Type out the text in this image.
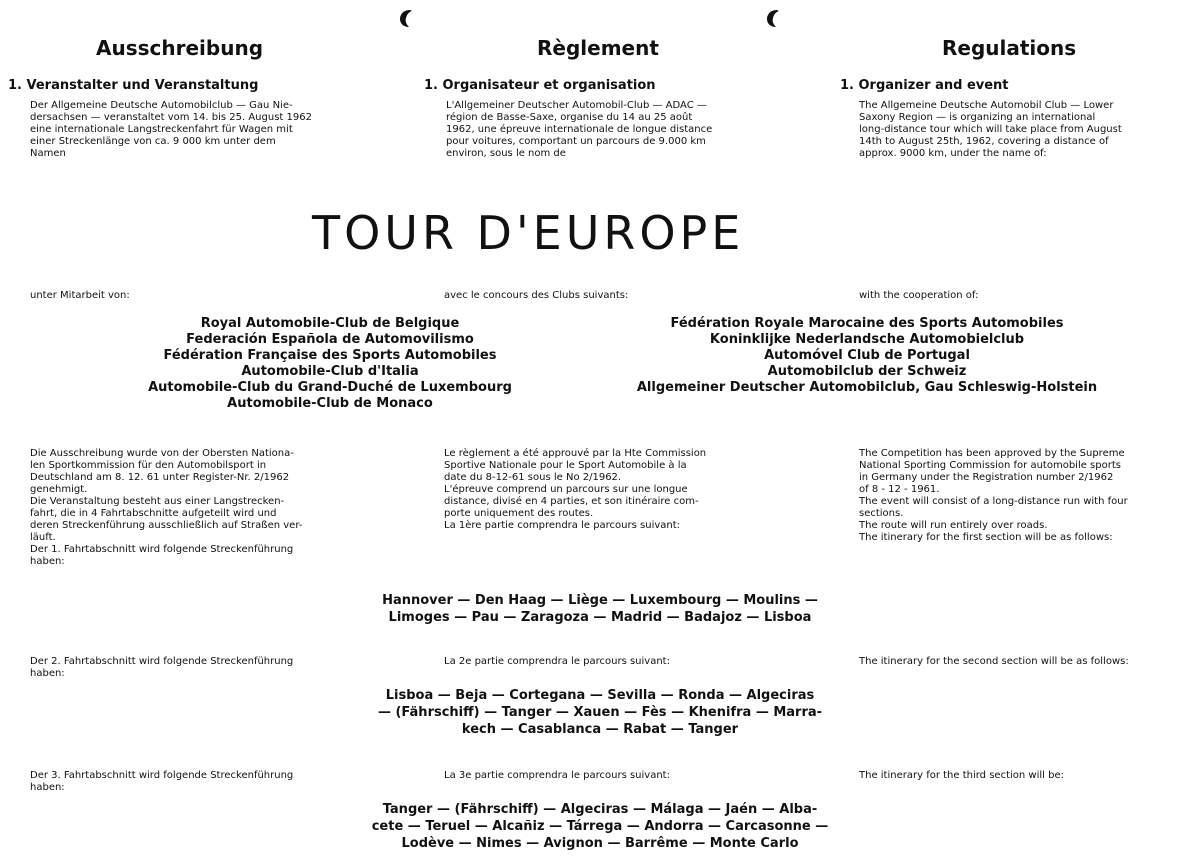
Ausschreibung	Règlement	Regulations
1. Veranstalter und Veranstaltung	1. Organisateur et organisation	1. Organizer and event
Der Allgemeine Deutsche Automobilclub — Gau Nie-
dersachsen — veranstaltet vom 14. bis 25. August 1962
eine internationale Langstreckenfahrt für Wagen mit
einer Streckenlänge von ca. 9 000 km unter dem
Namen
L'Allgemeiner Deutscher Automobil-Club — ADAC —
région de Basse-Saxe, organise du 14 au 25 août
1962, une épreuve internationale de longue distance
pour voitures, comportant un parcours de 9.000 km
environ, sous le nom de
The Allgemeine Deutsche Automobil Club — Lower
Saxony Region — is organizing an international
long-distance tour which will take place from August
14th to August 25th, 1962, covering a distance of
approx. 9000 km, under the name of:
TOUR D'EUROPE
unter Mitarbeit von:	avec le concours des Clubs suivants:	with the cooperation of:
Royal Automobile-Club de Belgique
Federación Española de Automovilismo
Fédération Française des Sports Automobiles
Automobile-Club d'Italia
Automobile-Club du Grand-Duché de Luxembourg
Automobile-Club de Monaco
Fédération Royale Marocaine des Sports Automobiles
Koninklijke Nederlandsche Automobielclub
Automóvel Club de Portugal
Automobilclub der Schweiz
Allgemeiner Deutscher Automobilclub, Gau Schleswig-Holstein
Die Ausschreibung wurde von der Obersten Nationa-
len Sportkommission für den Automobilsport in
Deutschland am 8. 12. 61 unter Register-Nr. 2/1962
genehmigt.
Die Veranstaltung besteht aus einer Langstrecken-
fahrt, die in 4 Fahrtabschnitte aufgeteilt wird und
deren Streckenführung ausschließlich auf Straßen ver-
läuft.
Der 1. Fahrtabschnitt wird folgende Streckenführung
haben:
Le règlement a été approuvé par la Hte Commission
Sportive Nationale pour le Sport Automobile à la
date du 8-12-61 sous le No 2/1962.
L'épreuve comprend un parcours sur une longue
distance, divisé en 4 parties, et son itinéraire com-
porte uniquement des routes.
La 1ère partie comprendra le parcours suivant:
The Competition has been approved by the Supreme
National Sporting Commission for automobile sports
in Germany under the Registration number 2/1962
of 8 - 12 - 1961.
The event will consist of a long-distance run with four
sections.
The route will run entirely over roads.
The itinerary for the first section will be as follows:
Hannover — Den Haag — Liège — Luxembourg — Moulins —
Limoges — Pau — Zaragoza — Madrid — Badajoz — Lisboa
Der 2. Fahrtabschnitt wird folgende Streckenführung
haben:
La 2e partie comprendra le parcours suivant:	The itinerary for the second section will be as follows:
Lisboa — Beja — Cortegana — Sevilla — Ronda — Algeciras
— (Fährschiff) — Tanger — Xauen — Fès — Khenifra — Marra-
kech — Casablanca — Rabat — Tanger
Der 3. Fahrtabschnitt wird folgende Streckenführung
haben:
La 3e partie comprendra le parcours suivant:	The itinerary for the third section will be:
Tanger — (Fährschiff) — Algeciras — Málaga — Jaén — Alba-
cete — Teruel — Alcañiz — Tárrega — Andorra — Carcasonne —
Lodève — Nimes — Avignon — Barrême — Monte Carlo
